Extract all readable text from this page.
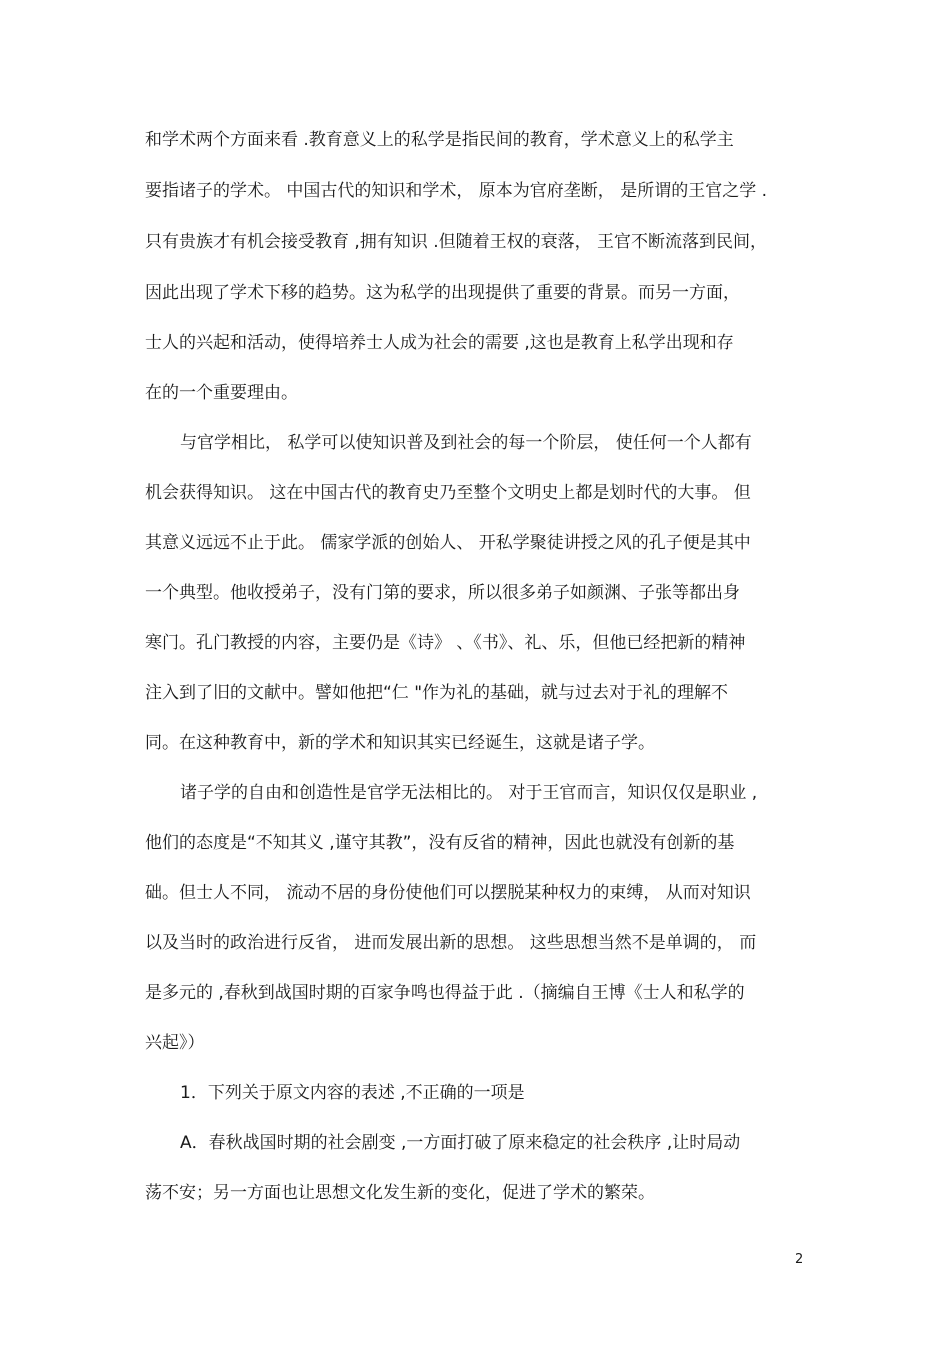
和学术两个方面来看 .教育意义上的私学是指民间的教育，学术意义上的私学主
要指诸子的学术。 中国古代的知识和学术， 原本为官府垄断， 是所谓的王官之学 .
只有贵族才有机会接受教育 ,拥有知识 .但随着王权的衰落， 王官不断流落到民间，
因此出现了学术下移的趋势。这为私学的出现提供了重要的背景。而另一方面，
士人的兴起和活动，使得培养士人成为社会的需要 ,这也是教育上私学出现和存
在的一个重要理由。
与官学相比， 私学可以使知识普及到社会的每一个阶层， 使任何一个人都有
机会获得知识。 这在中国古代的教育史乃至整个文明史上都是划时代的大事。 但
其意义远远不止于此。 儒家学派的创始人、 开私学聚徒讲授之风的孔子便是其中
一个典型。他收授弟子，没有门第的要求，所以很多弟子如颜渊、子张等都出身
寒门。孔门教授的内容，主要仍是《诗》 、《书》、礼、乐，但他已经把新的精神
注入到了旧的文献中。譬如他把“仁 "作为礼的基础，就与过去对于礼的理解不
同。在这种教育中，新的学术和知识其实已经诞生，这就是诸子学。
诸子学的自由和创造性是官学无法相比的。 对于王官而言，知识仅仅是职业 ,
他们的态度是“不知其义 ,谨守其教”，没有反省的精神，因此也就没有创新的基
础。但士人不同， 流动不居的身份使他们可以摆脱某种权力的束缚， 从而对知识
以及当时的政治进行反省， 进而发展出新的思想。 这些思想当然不是单调的， 而
是多元的 ,春秋到战国时期的百家争鸣也得益于此 .（摘编自王博《士人和私学的
兴起》）
1．下列关于原文内容的表述 ,不正确的一项是
A．春秋战国时期的社会剧变 ,一方面打破了原来稳定的社会秩序 ,让时局动
荡不安；另一方面也让思想文化发生新的变化，促进了学术的繁荣。
2
